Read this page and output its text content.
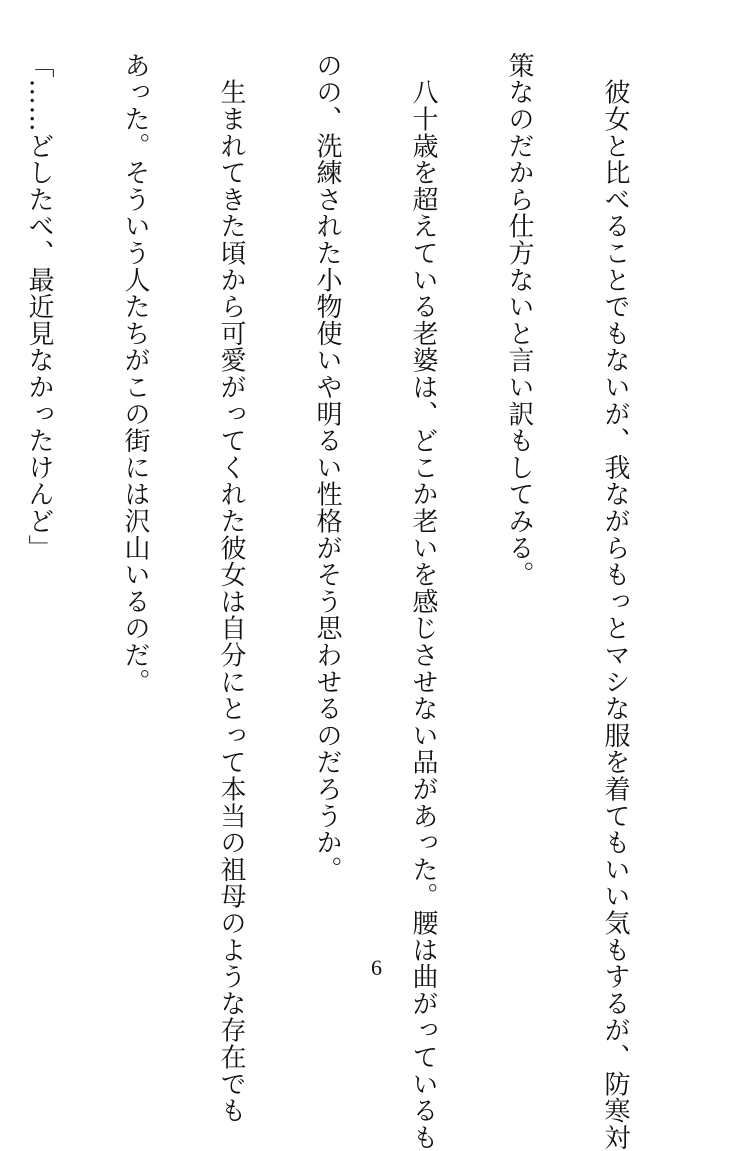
　彼女と比べることでもないが、我ながらもっとマシな服を着てもいい気もするが、防寒対

策なのだから仕方ないと言い訳もしてみる。

　八十歳を超えている老婆は、どこか老いを感じさせない品があった。腰は曲がっているも

のの、洗練された小物使いや明るい性格がそう思わせるのだろうか。

　生まれてきた頃から可愛がってくれた彼女は自分にとって本当の祖母のような存在でも

あった。そういう人たちがこの街には沢山いるのだ。

「……どしたべ、最近見なかったけんど」

6
